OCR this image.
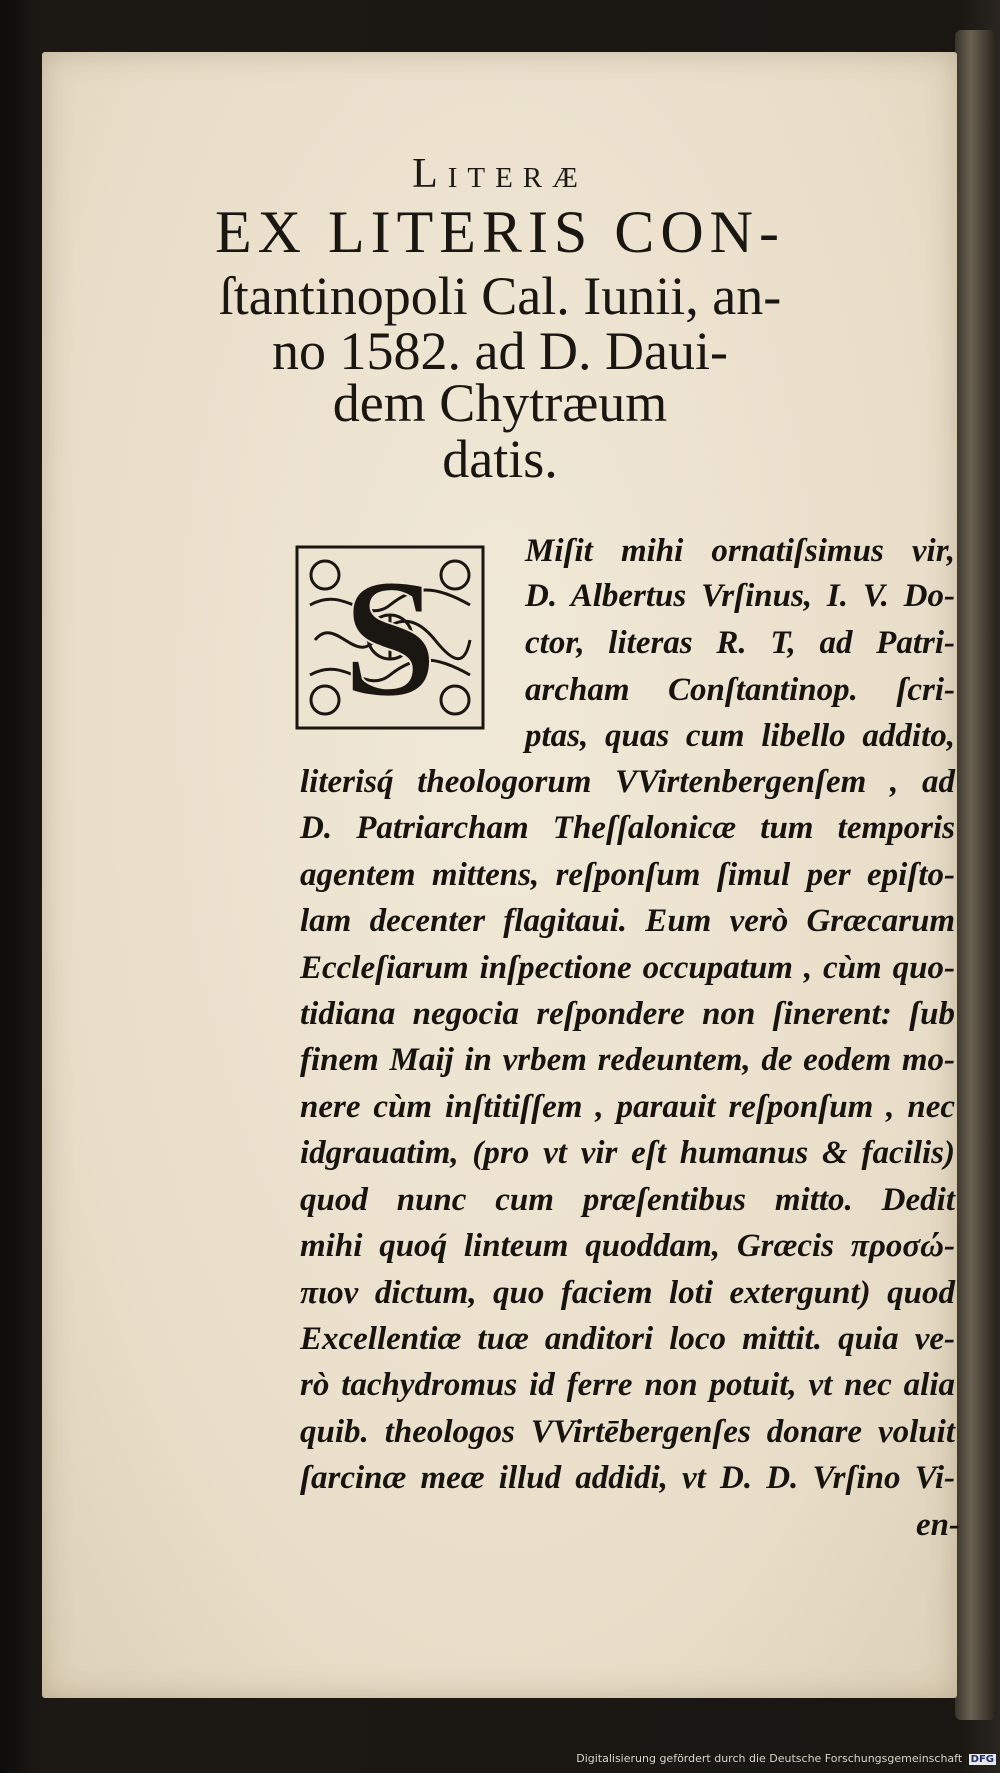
Literæ
EX LITERIS CON-
ſtantinopoli Cal. Iunii, an-
no 1582. ad D. Daui-
dem Chytræum
datis.
S	Miſit mihi ornatiſsimus vir,
D. Albertus Vrſinus, I. V. Do-
ctor, literas R. T, ad Patri-
archam Conſtantinop. ſcri-
ptas, quas cum libello addito,
literisq́ theologorum VVirtenbergenſem , ad
D. Patriarcham Theſſalonicæ tum temporis
agentem mittens, reſponſum ſimul per epiſto-
lam decenter flagitaui. Eum verò Græcarum
Eccleſiarum inſpectione occupatum , cùm quo-
tidiana negocia reſpondere non ſinerent: ſub
finem Maij in vrbem redeuntem, de eodem mo-
nere cùm inſtitiſſem , parauit reſponſum , nec
idgrauatim, (pro vt vir eſt humanus & facilis)
quod nunc cum præſentibus mitto. Dedit
mihi quoq́ linteum quoddam, Græcis προσώ-
πιον dictum, quo faciem loti extergunt) quod
Excellentiæ tuæ anditori loco mittit. quia ve-
rò tachydromus id ferre non potuit, vt nec alia
quib. theologos VVirtēbergenſes donare voluit
ſarcinæ meæ illud addidi, vt D. D. Vrſino Vi-
en-
Digitalisierung gefördert durch die Deutsche Forschungsgemeinschaft DFG
